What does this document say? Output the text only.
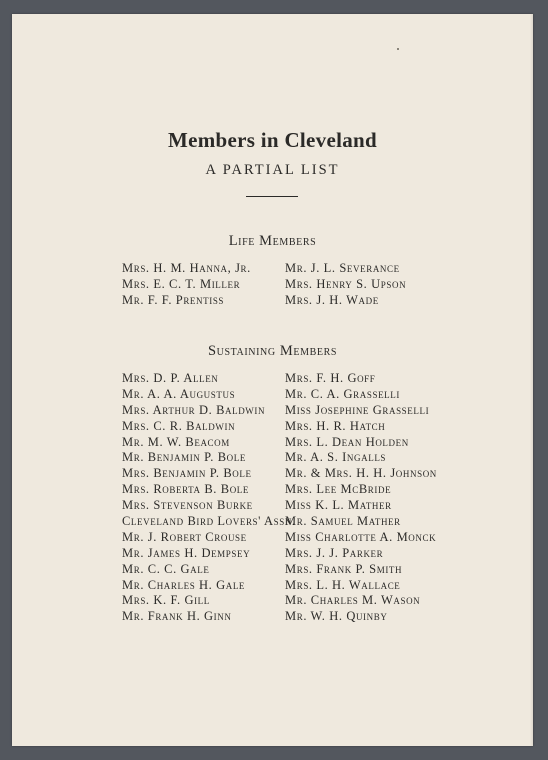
Members in Cleveland
A PARTIAL LIST
Life Members
Mrs. H. M. Hanna, Jr.
Mrs. E. C. T. Miller
Mr. F. F. Prentiss
Mr. J. L. Severance
Mrs. Henry S. Upson
Mrs. J. H. Wade
Sustaining Members
Mrs. D. P. Allen
Mr. A. A. Augustus
Mrs. Arthur D. Baldwin
Mrs. C. R. Baldwin
Mr. M. W. Beacom
Mr. Benjamin P. Bole
Mrs. Benjamin P. Bole
Mrs. Roberta B. Bole
Mrs. Stevenson Burke
Cleveland Bird Lovers' Assn.
Mr. J. Robert Crouse
Mr. James H. Dempsey
Mr. C. C. Gale
Mr. Charles H. Gale
Mrs. K. F. Gill
Mr. Frank H. Ginn
Mrs. F. H. Goff
Mr. C. A. Grasselli
Miss Josephine Grasselli
Mrs. H. R. Hatch
Mrs. L. Dean Holden
Mr. A. S. Ingalls
Mr. & Mrs. H. H. Johnson
Mrs. Lee McBride
Miss K. L. Mather
Mr. Samuel Mather
Miss Charlotte A. Monck
Mrs. J. J. Parker
Mrs. Frank P. Smith
Mrs. L. H. Wallace
Mr. Charles M. Wason
Mr. W. H. Quinby
